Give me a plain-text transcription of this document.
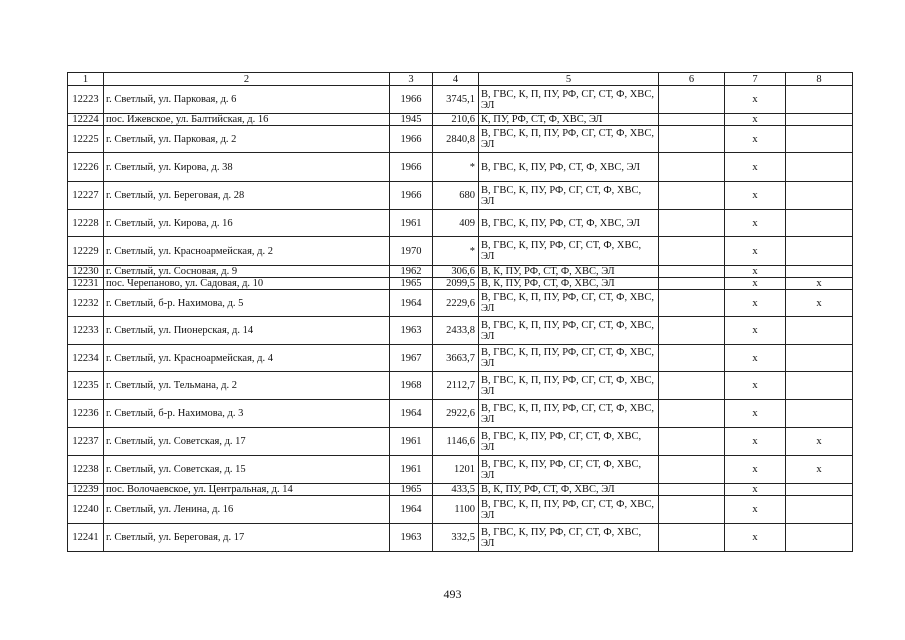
1	2	3	4	5	6	7	8
12223	г. Светлый, ул. Парковая, д. 6	1966	3745,1	В, ГВС, К, П, ПУ, РФ, СГ, СТ, Ф, ХВС, ЭЛ		x	
12224	пос. Ижевское, ул. Балтийская, д. 16	1945	210,6	К, ПУ, РФ, СТ, Ф, ХВС, ЭЛ		x	
12225	г. Светлый, ул. Парковая, д. 2	1966	2840,8	В, ГВС, К, П, ПУ, РФ, СГ, СТ, Ф, ХВС, ЭЛ		x	
12226	г. Светлый, ул. Кирова, д. 38	1966	*	В, ГВС, К, ПУ, РФ, СТ, Ф, ХВС, ЭЛ		x	
12227	г. Светлый, ул. Береговая, д. 28	1966	680	В, ГВС, К, ПУ, РФ, СГ, СТ, Ф, ХВС, ЭЛ		x	
12228	г. Светлый, ул. Кирова, д. 16	1961	409	В, ГВС, К, ПУ, РФ, СТ, Ф, ХВС, ЭЛ		x	
12229	г. Светлый, ул. Красноармейская, д. 2	1970	*	В, ГВС, К, ПУ, РФ, СГ, СТ, Ф, ХВС, ЭЛ		x	
12230	г. Светлый, ул. Сосновая, д. 9	1962	306,6	В, К, ПУ, РФ, СТ, Ф, ХВС, ЭЛ		x	
12231	пос. Черепаново, ул. Садовая, д. 10	1965	2099,5	В, К, ПУ, РФ, СТ, Ф, ХВС, ЭЛ		x	x
12232	г. Светлый, б-р. Нахимова, д. 5	1964	2229,6	В, ГВС, К, П, ПУ, РФ, СГ, СТ, Ф, ХВС, ЭЛ		x	x
12233	г. Светлый, ул. Пионерская, д. 14	1963	2433,8	В, ГВС, К, П, ПУ, РФ, СГ, СТ, Ф, ХВС, ЭЛ		x	
12234	г. Светлый, ул. Красноармейская, д. 4	1967	3663,7	В, ГВС, К, П, ПУ, РФ, СГ, СТ, Ф, ХВС, ЭЛ		x	
12235	г. Светлый, ул. Тельмана, д. 2	1968	2112,7	В, ГВС, К, П, ПУ, РФ, СГ, СТ, Ф, ХВС, ЭЛ		x	
12236	г. Светлый, б-р. Нахимова, д. 3	1964	2922,6	В, ГВС, К, П, ПУ, РФ, СГ, СТ, Ф, ХВС, ЭЛ		x	
12237	г. Светлый, ул. Советская, д. 17	1961	1146,6	В, ГВС, К, ПУ, РФ, СГ, СТ, Ф, ХВС, ЭЛ		x	x
12238	г. Светлый, ул. Советская, д. 15	1961	1201	В, ГВС, К, ПУ, РФ, СГ, СТ, Ф, ХВС, ЭЛ		x	x
12239	пос. Волочаевское, ул. Центральная, д. 14	1965	433,5	В, К, ПУ, РФ, СТ, Ф, ХВС, ЭЛ		x	
12240	г. Светлый, ул. Ленина, д. 16	1964	1100	В, ГВС, К, П, ПУ, РФ, СГ, СТ, Ф, ХВС, ЭЛ		x	
12241	г. Светлый, ул. Береговая, д. 17	1963	332,5	В, ГВС, К, ПУ, РФ, СГ, СТ, Ф, ХВС, ЭЛ		x	
493
